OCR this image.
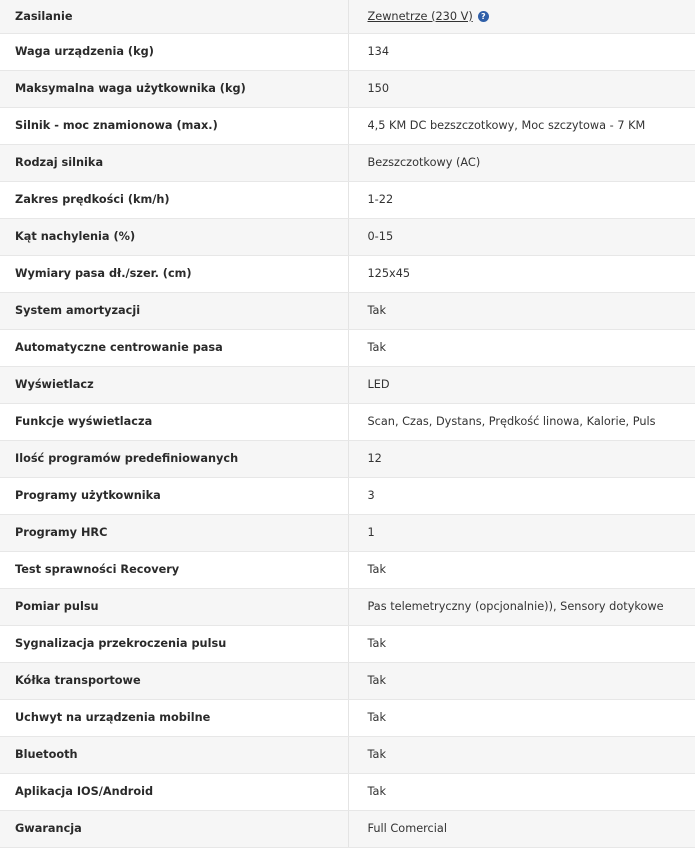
Zasilanie	Zewnetrze (230 V) ?
Waga urządzenia (kg)	134
Maksymalna waga użytkownika (kg)	150
Silnik - moc znamionowa (max.)	4,5 KM DC bezszczotkowy, Moc szczytowa - 7 KM
Rodzaj silnika	Bezszczotkowy (AC)
Zakres prędkości (km/h)	1-22
Kąt nachylenia (%)	0-15
Wymiary pasa dł./szer. (cm)	125x45
System amortyzacji	Tak
Automatyczne centrowanie pasa	Tak
Wyświetlacz	LED
Funkcje wyświetlacza	Scan, Czas, Dystans, Prędkość linowa, Kalorie, Puls
Ilość programów predefiniowanych	12
Programy użytkownika	3
Programy HRC	1
Test sprawności Recovery	Tak
Pomiar pulsu	Pas telemetryczny (opcjonalnie)), Sensory dotykowe
Sygnalizacja przekroczenia pulsu	Tak
Kółka transportowe	Tak
Uchwyt na urządzenia mobilne	Tak
Bluetooth	Tak
Aplikacja IOS/Android	Tak
Gwarancja	Full Comercial
